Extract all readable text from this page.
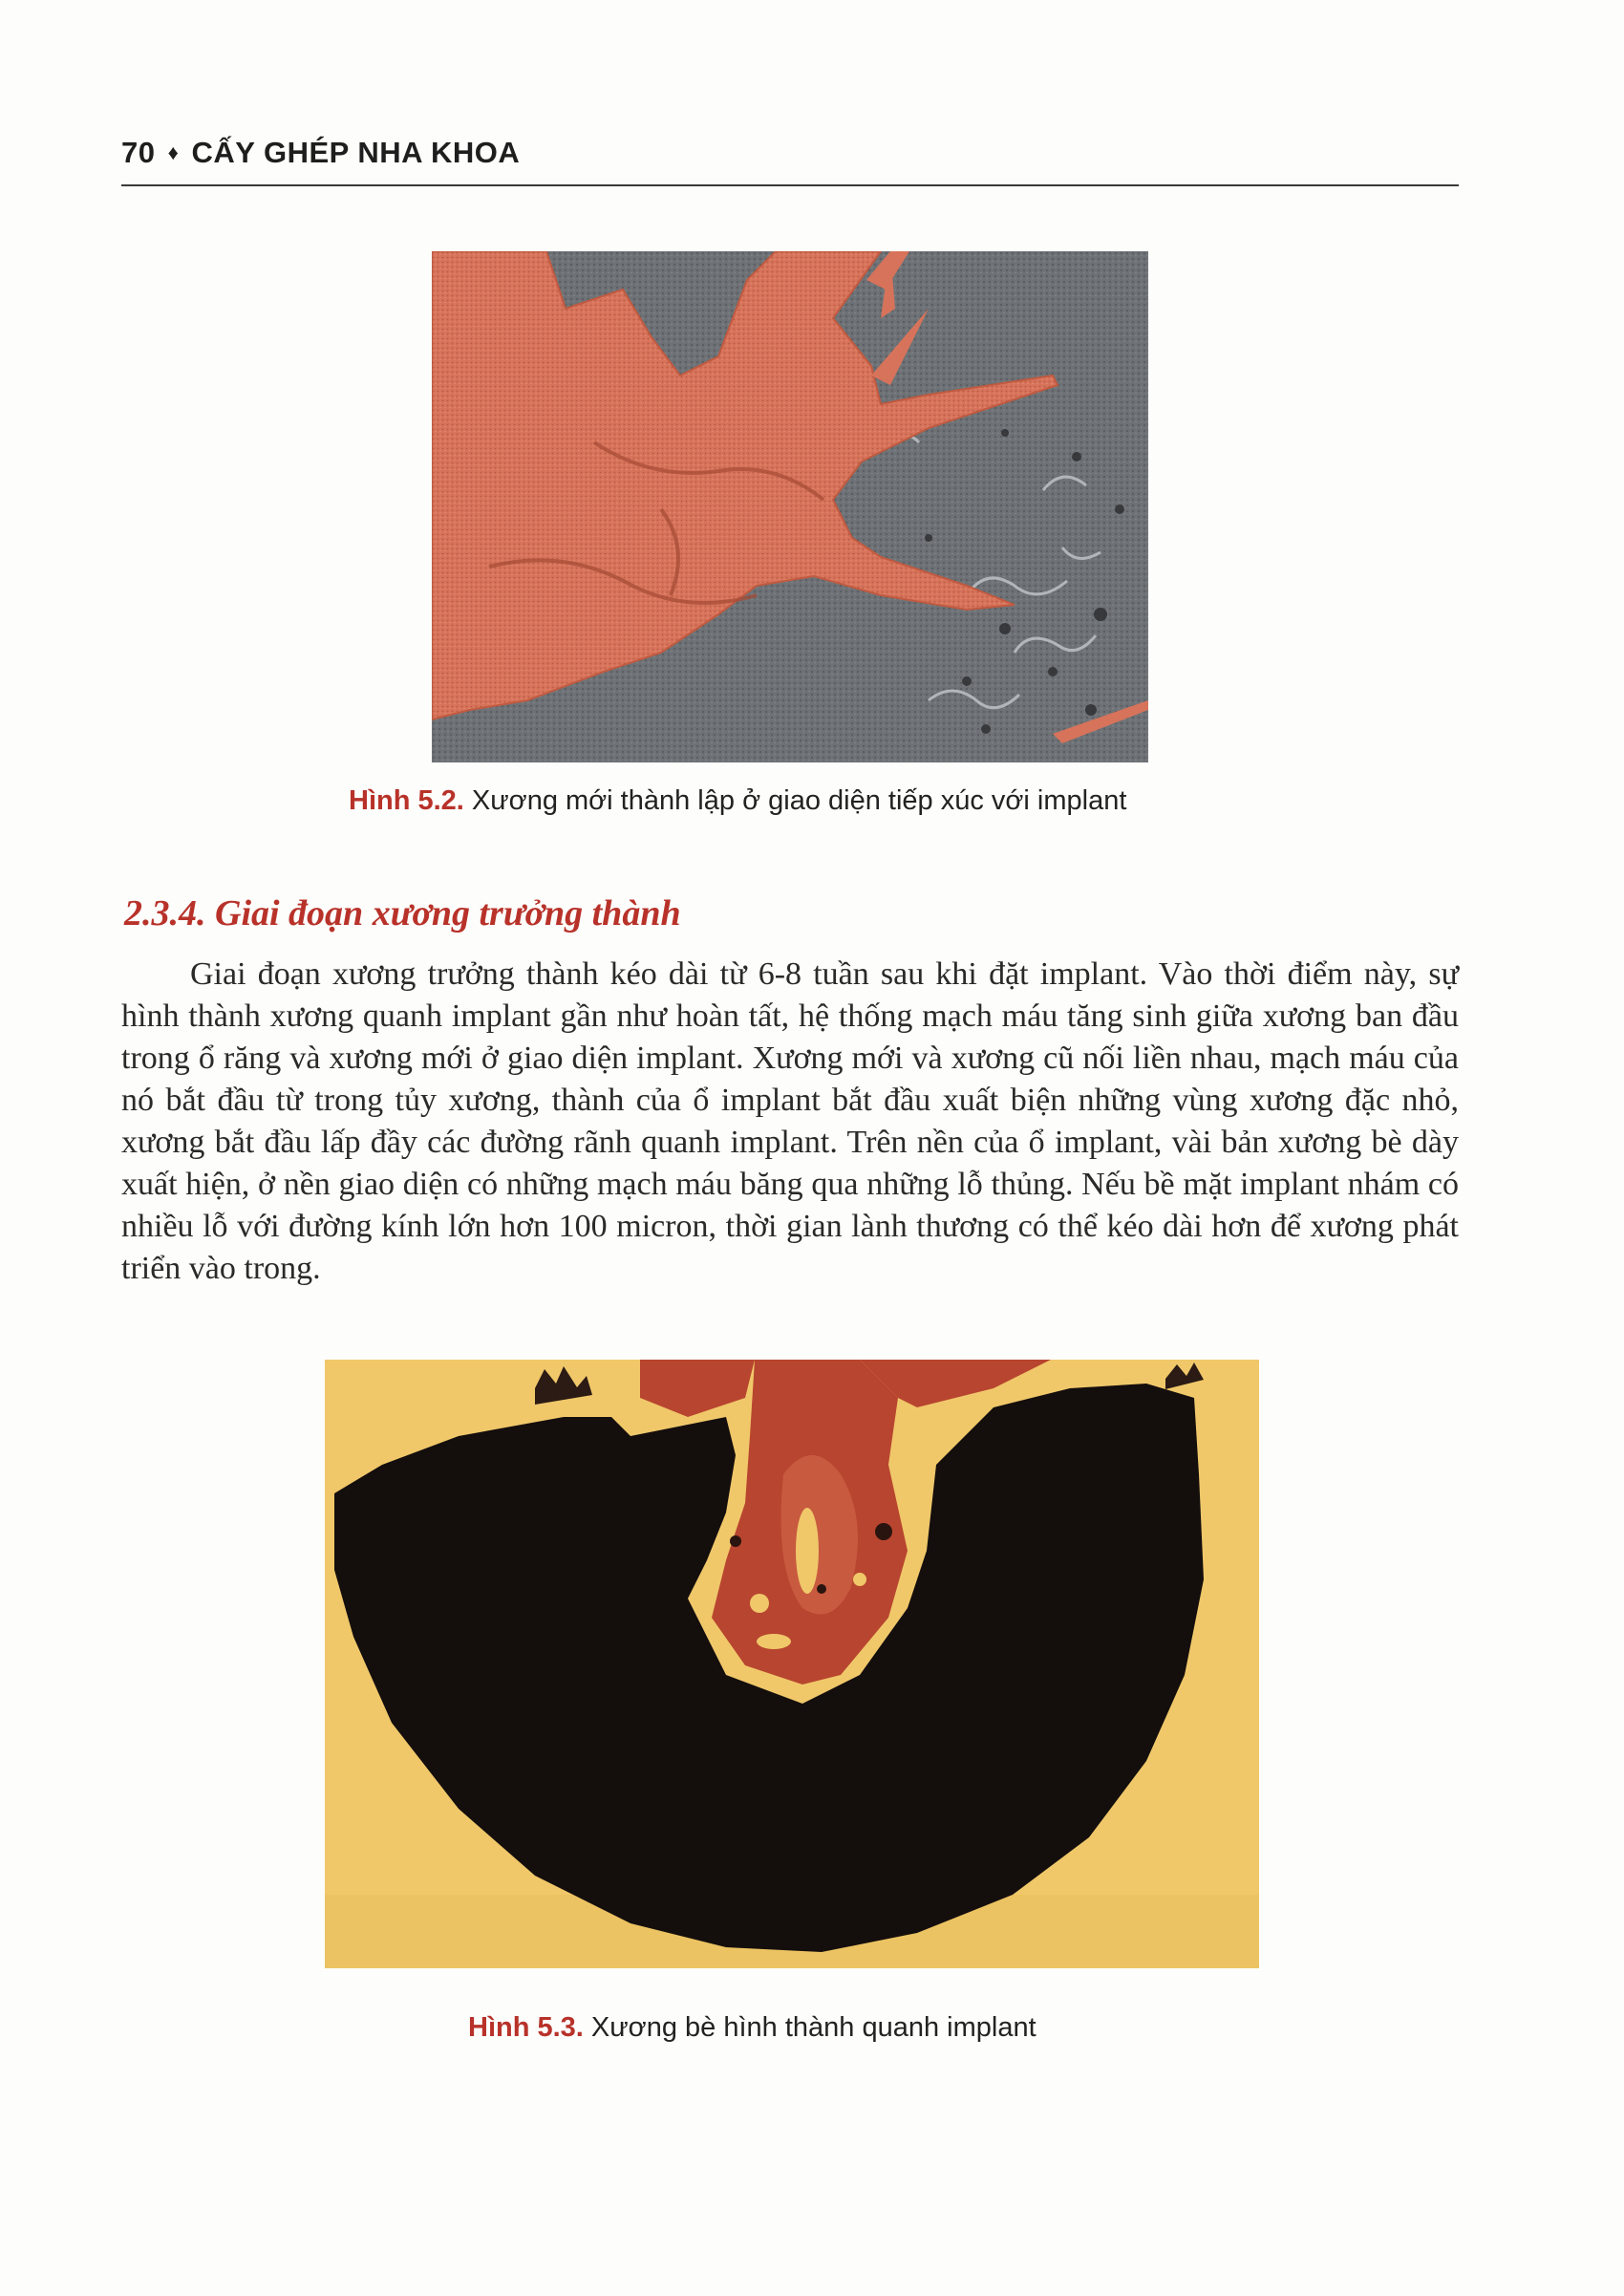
70 ♦ CẤY GHÉP NHA KHOA
Hình 5.2. Xương mới thành lập ở giao diện tiếp xúc với implant
2.3.4. Giai đoạn xương trưởng thành

Giai đoạn xương trưởng thành kéo dài từ 6-8 tuần sau khi đặt implant. Vào thời điểm này, sự hình thành xương quanh implant gần như hoàn tất, hệ thống mạch máu tăng sinh giữa xương ban đầu trong ổ răng và xương mới ở giao diện implant. Xương mới và xương cũ nối liền nhau, mạch máu của nó bắt đầu từ trong tủy xương, thành của ổ implant bắt đầu xuất biện những vùng xương đặc nhỏ, xương bắt đầu lấp đầy các đường rãnh quanh implant. Trên nền của ổ implant, vài bản xương bè dày xuất hiện, ở nền giao diện có những mạch máu băng qua những lỗ thủng. Nếu bề mặt implant nhám có nhiều lỗ với đường kính lớn hơn 100 micron, thời gian lành thương có thể kéo dài hơn để xương phát triển vào trong.

Hình 5.3. Xương bè hình thành quanh implant
